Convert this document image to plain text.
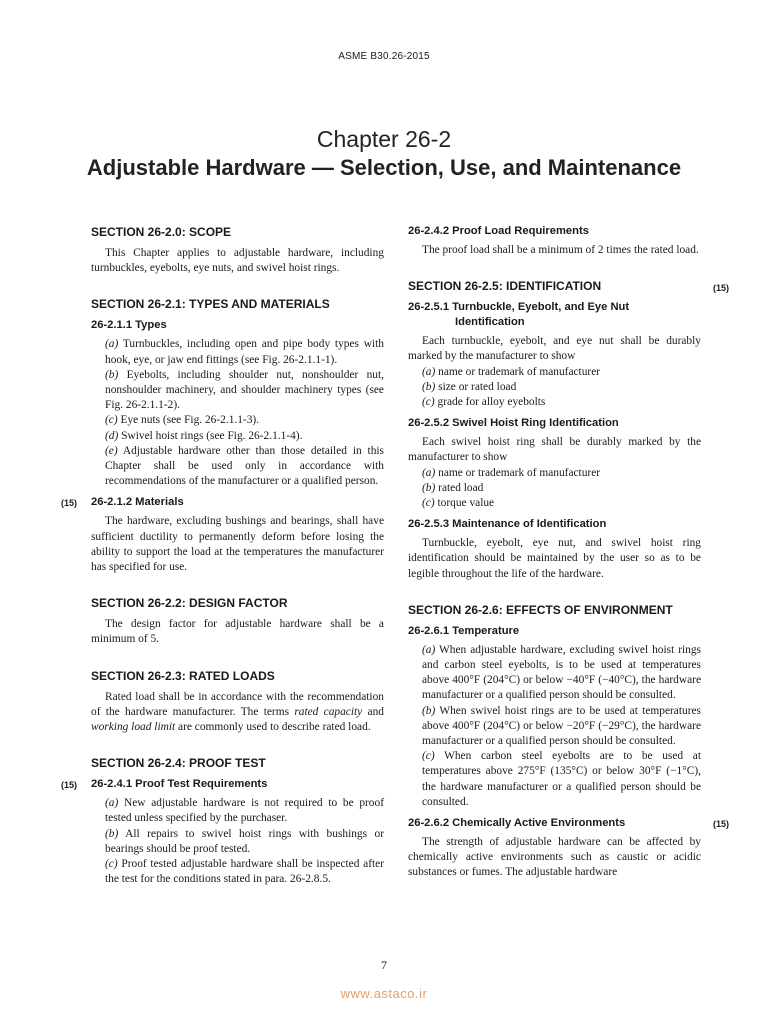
ASME B30.26-2015
Chapter 26-2
Adjustable Hardware — Selection, Use, and Maintenance
SECTION 26-2.0: SCOPE

This Chapter applies to adjustable hardware, including turnbuckles, eyebolts, eye nuts, and swivel hoist rings.

SECTION 26-2.1: TYPES AND MATERIALS
26-2.1.1 Types

(a) Turnbuckles, including open and pipe body types with hook, eye, or jaw end fittings (see Fig. 26-2.1.1-1).

(b) Eyebolts, including shoulder nut, nonshoulder nut, nonshoulder machinery, and shoulder machinery types (see Fig. 26-2.1.1-2).

(c) Eye nuts (see Fig. 26-2.1.1-3).

(d) Swivel hoist rings (see Fig. 26-2.1.1-4).

(e) Adjustable hardware other than those detailed in this Chapter shall be used only in accordance with recommendations of the manufacturer or a qualified person.

(15) 26-2.1.2 Materials

The hardware, excluding bushings and bearings, shall have sufficient ductility to permanently deform before losing the ability to support the load at the temperatures the manufacturer has specified for use.

SECTION 26-2.2: DESIGN FACTOR

The design factor for adjustable hardware shall be a minimum of 5.

SECTION 26-2.3: RATED LOADS

Rated load shall be in accordance with the recommendation of the hardware manufacturer. The terms rated capacity and working load limit are commonly used to describe rated load.

SECTION 26-2.4: PROOF TEST
(15) 26-2.4.1 Proof Test Requirements

(a) New adjustable hardware is not required to be proof tested unless specified by the purchaser.

(b) All repairs to swivel hoist rings with bushings or bearings should be proof tested.

(c) Proof tested adjustable hardware shall be inspected after the test for the conditions stated in para. 26-2.8.5.

26-2.4.2 Proof Load Requirements

The proof load shall be a minimum of 2 times the rated load.

SECTION 26-2.5: IDENTIFICATION	(15)
26-2.5.1 Turnbuckle, Eyebolt, and Eye Nut
Identification

Each turnbuckle, eyebolt, and eye nut shall be durably marked by the manufacturer to show

(a) name or trademark of manufacturer

(b) size or rated load

(c) grade for alloy eyebolts

26-2.5.2 Swivel Hoist Ring Identification

Each swivel hoist ring shall be durably marked by the manufacturer to show

(a) name or trademark of manufacturer

(b) rated load

(c) torque value

26-2.5.3 Maintenance of Identification

Turnbuckle, eyebolt, eye nut, and swivel hoist ring identification should be maintained by the user so as to be legible throughout the life of the hardware.

SECTION 26-2.6: EFFECTS OF ENVIRONMENT
26-2.6.1 Temperature

(a) When adjustable hardware, excluding swivel hoist rings and carbon steel eyebolts, is to be used at temperatures above 400°F (204°C) or below −40°F (−40°C), the hardware manufacturer or a qualified person should be consulted.

(b) When swivel hoist rings are to be used at temperatures above 400°F (204°C) or below −20°F (−29°C), the hardware manufacturer or a qualified person should be consulted.

(c) When carbon steel eyebolts are to be used at temperatures above 275°F (135°C) or below 30°F (−1°C), the hardware manufacturer or a qualified person should be consulted.

26-2.6.2 Chemically Active Environments	(15)

The strength of adjustable hardware can be affected by chemically active environments such as caustic or acidic substances or fumes. The adjustable hardware

7
www.astaco.ir
